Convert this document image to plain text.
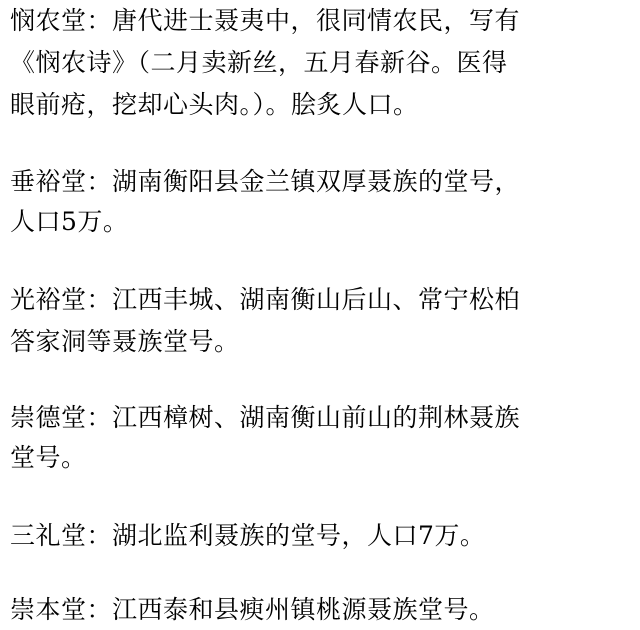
悯农堂：唐代进士聂夷中，很同情农民，写有
《悯农诗》（二月卖新丝，五月春新谷。医得
眼前疮，挖却心头肉。）。脍炙人口。
垂裕堂：湖南衡阳县金兰镇双厚聂族的堂号，
人口5万。
光裕堂：江西丰城、湖南衡山后山、常宁松柏
答家洞等聂族堂号。
崇德堂：江西樟树、湖南衡山前山的荆林聂族
堂号。
三礼堂：湖北监利聂族的堂号，人口7万。
崇本堂：江西泰和县瘐州镇桃源聂族堂号。
